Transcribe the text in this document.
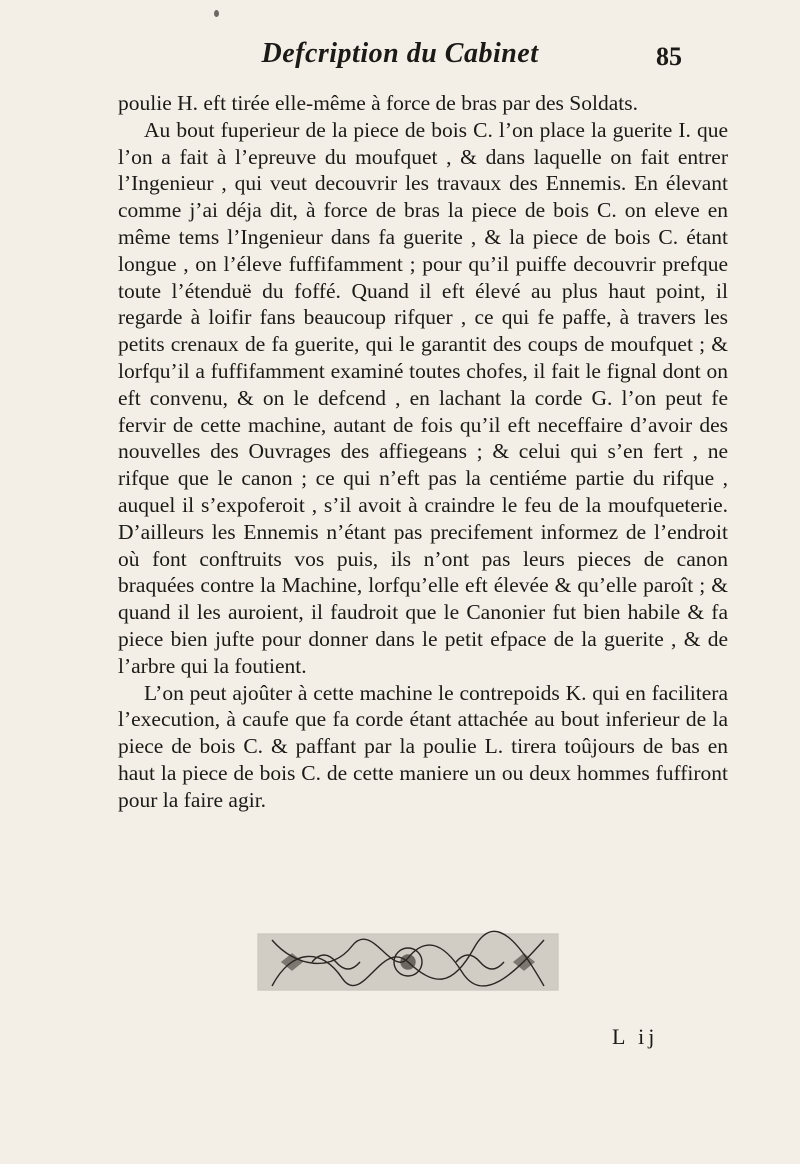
Defcription du Cabinet	85

poulie H. eft tirée elle-même à force de bras par des Soldats.

Au bout fuperieur de la piece de bois C. l’on place la guerite I. que l’on a fait à l’epreuve du moufquet , & dans laquelle on fait entrer l’Ingenieur , qui veut decouvrir les travaux des Ennemis. En élevant comme j’ai déja dit, à force de bras la piece de bois C. on eleve en même tems l’Ingenieur dans fa guerite , & la piece de bois C. étant longue , on l’éleve fuffifamment ; pour qu’il puiffe decouvrir prefque toute l’étenduë du foffé. Quand il eft élevé au plus haut point, il regarde à loifir fans beaucoup rifquer , ce qui fe paffe, à travers les petits crenaux de fa guerite, qui le garantit des coups de moufquet ; & lorfqu’il a fuffifamment examiné toutes chofes, il fait le fignal dont on eft convenu, & on le defcend , en lachant la corde G. l’on peut fe fervir de cette machine, autant de fois qu’il eft neceffaire d’avoir des nouvelles des Ouvrages des affiegeans ; & celui qui s’en fert , ne rifque que le canon ; ce qui n’eft pas la centiéme partie du rifque , auquel il s’expoferoit , s’il avoit à craindre le feu de la moufqueterie. D’ailleurs les Ennemis n’étant pas precifement informez de l’endroit où font conftruits vos puis, ils n’ont pas leurs pieces de canon braquées contre la Machine, lorfqu’elle eft élevée & qu’elle paroît ; & quand il les auroient, il faudroit que le Canonier fut bien habile & fa piece bien jufte pour donner dans le petit efpace de la guerite , & de l’arbre qui la foutient.

L’on peut ajoûter à cette machine le contrepoids K. qui en facilitera l’execution, à caufe que fa corde étant attachée au bout inferieur de la piece de bois C. & paffant par la poulie L. tirera toûjours de bas en haut la piece de bois C. de cette maniere un ou deux hommes fuffiront pour la faire agir.

L ij
